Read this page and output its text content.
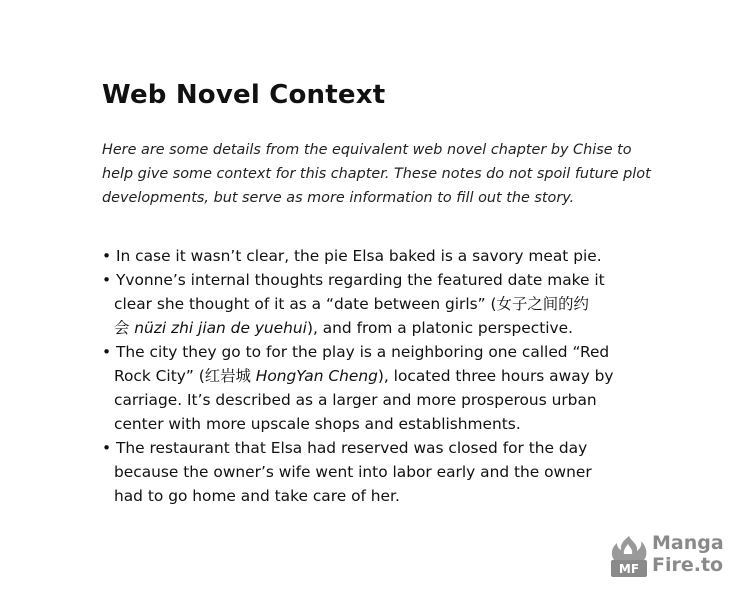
Web Novel Context

Here are some details from the equivalent web novel chapter by Chise to
help give some context for this chapter. These notes do not spoil future plot
developments, but serve as more information to fill out the story.

• In case it wasn’t clear, the pie Elsa baked is a savory meat pie.
• Yvonne’s internal thoughts regarding the featured date make it
clear she thought of it as a “date between girls” (女子之间的约
会 nüzi zhi jian de yuehui), and from a platonic perspective.
• The city they go to for the play is a neighboring one called “Red
Rock City” (红岩城 HongYan Cheng), located three hours away by
carriage. It’s described as a larger and more prosperous urban
center with more upscale shops and establishments.
• The restaurant that Elsa had reserved was closed for the day
because the owner’s wife went into labor early and the owner
had to go home and take care of her.
MF
Manga
Fire.to
